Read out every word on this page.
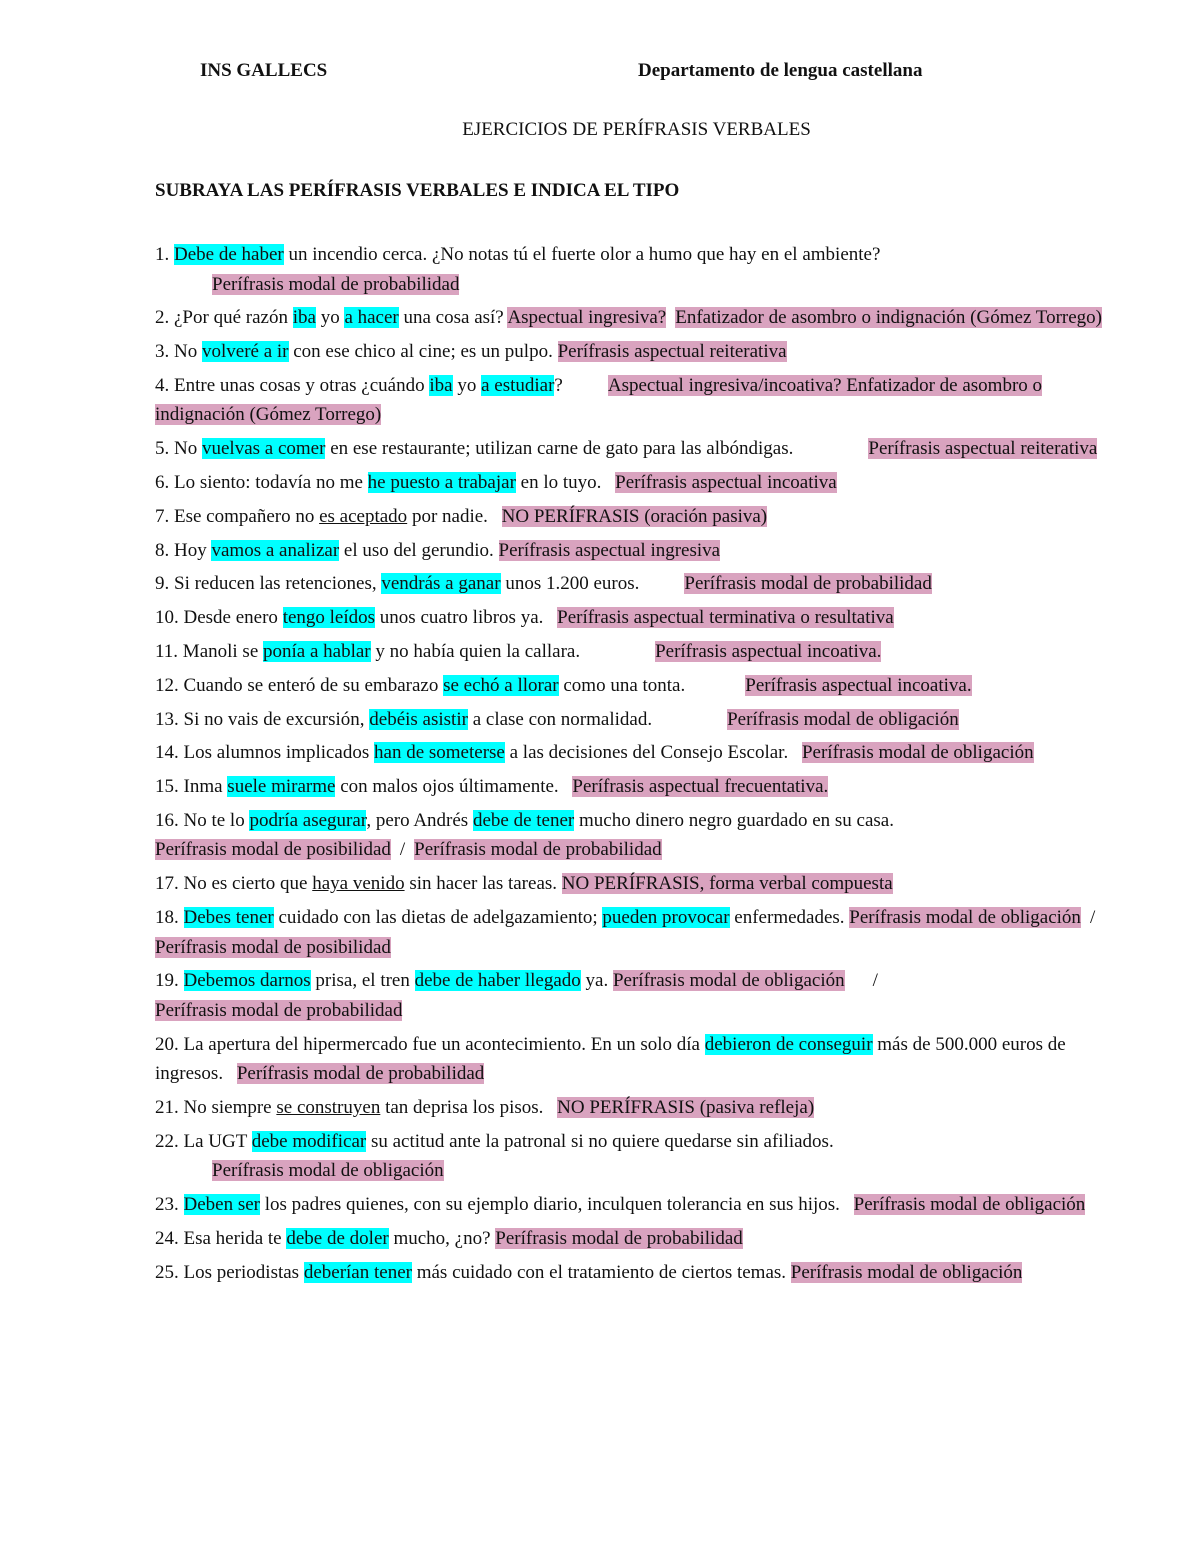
INS GALLECS	Departamento de lengua castellana
EJERCICIOS DE PERÍFRASIS VERBALES
SUBRAYA LAS PERÍFRASIS VERBALES E INDICA EL TIPO
1. Debe de haber un incendio cerca. ¿No notas tú el fuerte olor a humo que hay en el ambiente?
Perífrasis modal de probabilidad
2. ¿Por qué razón iba yo a hacer una cosa así? Aspectual ingresiva? Enfatizador de asombro o indignación (Gómez Torrego)
3. No volveré a ir con ese chico al cine; es un pulpo. Perífrasis aspectual reiterativa
4. Entre unas cosas y otras ¿cuándo iba yo a estudiar? Aspectual ingresiva/incoativa? Enfatizador de asombro o indignación (Gómez Torrego)
5. No vuelvas a comer en ese restaurante; utilizan carne de gato para las albóndigas.	Perífrasis aspectual reiterativa
6. Lo siento: todavía no me he puesto a trabajar en lo tuyo. Perífrasis aspectual incoativa
7. Ese compañero no es aceptado por nadie. NO PERÍFRASIS (oración pasiva)
8. Hoy vamos a analizar el uso del gerundio. Perífrasis aspectual ingresiva
9. Si reducen las retenciones, vendrás a ganar unos 1.200 euros. Perífrasis modal de probabilidad
10. Desde enero tengo leídos unos cuatro libros ya. Perífrasis aspectual terminativa o resultativa
11. Manoli se ponía a hablar y no había quien la callara.	Perífrasis aspectual incoativa.
12. Cuando se enteró de su embarazo se echó a llorar como una tonta.	Perífrasis aspectual incoativa.
13. Si no vais de excursión, debéis asistir a clase con normalidad.	Perífrasis modal de obligación
14. Los alumnos implicados han de someterse a las decisiones del Consejo Escolar. Perífrasis modal de obligación
15. Inma suele mirarme con malos ojos últimamente. Perífrasis aspectual frecuentativa.
16. No te lo podría asegurar, pero Andrés debe de tener mucho dinero negro guardado en su casa.
Perífrasis modal de posibilidad / Perífrasis modal de probabilidad
17. No es cierto que haya venido sin hacer las tareas. NO PERÍFRASIS, forma verbal compuesta
18. Debes tener cuidado con las dietas de adelgazamiento; pueden provocar enfermedades. Perífrasis modal de obligación /Perífrasis modal de posibilidad
19. Debemos darnos prisa, el tren debe de haber llegado ya. Perífrasis modal de obligación /
Perífrasis modal de probabilidad
20. La apertura del hipermercado fue un acontecimiento. En un solo día debieron de conseguir más de 500.000 euros de ingresos. Perífrasis modal de probabilidad
21. No siempre se construyen tan deprisa los pisos. NO PERÍFRASIS (pasiva refleja)
22. La UGT debe modificar su actitud ante la patronal si no quiere quedarse sin afiliados.
Perífrasis modal de obligación
23. Deben ser los padres quienes, con su ejemplo diario, inculquen tolerancia en sus hijos. Perífrasis modal de obligación
24. Esa herida te debe de doler mucho, ¿no? Perífrasis modal de probabilidad
25. Los periodistas deberían tener más cuidado con el tratamiento de ciertos temas. Perífrasis modal de obligación
